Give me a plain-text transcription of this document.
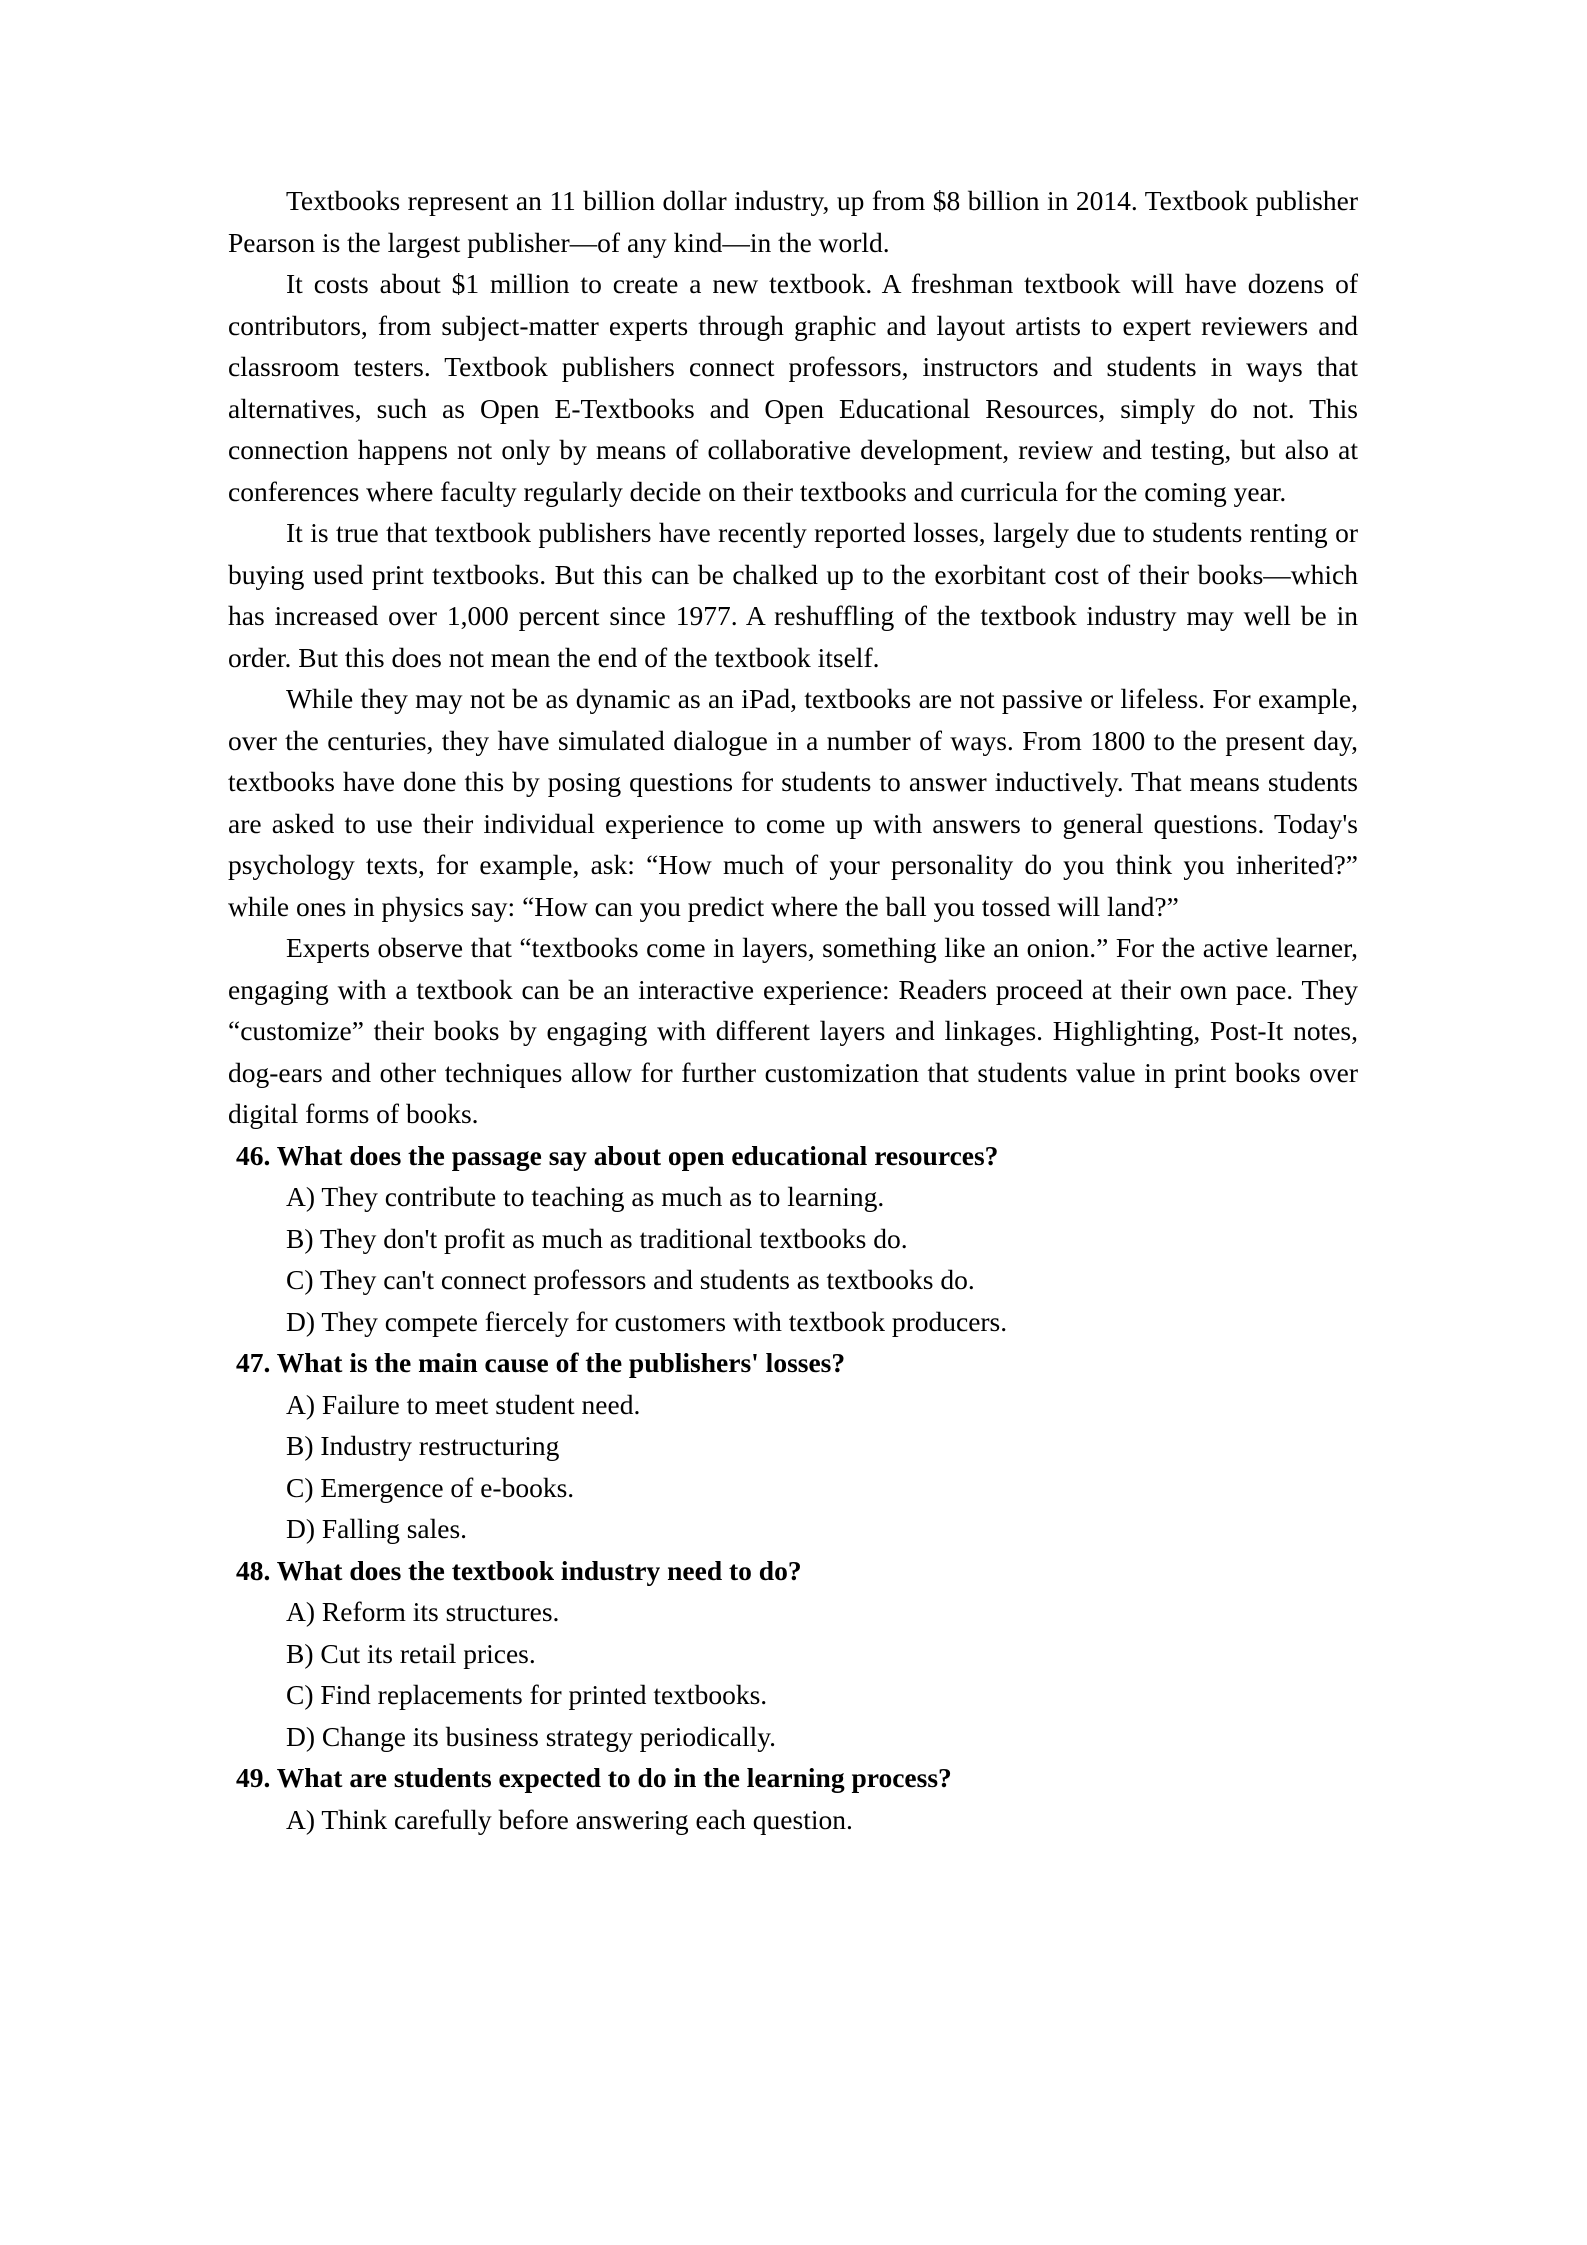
Textbooks represent an 11 billion dollar industry, up from $8 billion in 2014. Textbook publisher Pearson is the largest publisher—of any kind—in the world.

It costs about $1 million to create a new textbook. A freshman textbook will have dozens of contributors, from subject-matter experts through graphic and layout artists to expert reviewers and classroom testers. Textbook publishers connect professors, instructors and students in ways that alternatives, such as Open E-Textbooks and Open Educational Resources, simply do not. This connection happens not only by means of collaborative development, review and testing, but also at conferences where faculty regularly decide on their textbooks and curricula for the coming year.

It is true that textbook publishers have recently reported losses, largely due to students renting or buying used print textbooks. But this can be chalked up to the exorbitant cost of their books—which has increased over 1,000 percent since 1977. A reshuffling of the textbook industry may well be in order. But this does not mean the end of the textbook itself.

While they may not be as dynamic as an iPad, textbooks are not passive or lifeless. For example, over the centuries, they have simulated dialogue in a number of ways. From 1800 to the present day, textbooks have done this by posing questions for students to answer inductively. That means students are asked to use their individual experience to come up with answers to general questions. Today's psychology texts, for example, ask: “How much of your personality do you think you inherited?” while ones in physics say: “How can you predict where the ball you tossed will land?”

Experts observe that “textbooks come in layers, something like an onion.” For the active learner, engaging with a textbook can be an interactive experience: Readers proceed at their own pace. They “customize” their books by engaging with different layers and linkages. Highlighting, Post-It notes, dog-ears and other techniques allow for further customization that students value in print books over digital forms of books.

46. What does the passage say about open educational resources?

A) They contribute to teaching as much as to learning.

B) They don't profit as much as traditional textbooks do.

C) They can't connect professors and students as textbooks do.

D) They compete fiercely for customers with textbook producers.

47. What is the main cause of the publishers' losses?

A) Failure to meet student need.

B) Industry restructuring

C) Emergence of e-books.

D) Falling sales.

48. What does the textbook industry need to do?

A) Reform its structures.

B) Cut its retail prices.

C) Find replacements for printed textbooks.

D) Change its business strategy periodically.

49. What are students expected to do in the learning process?

A) Think carefully before answering each question.
